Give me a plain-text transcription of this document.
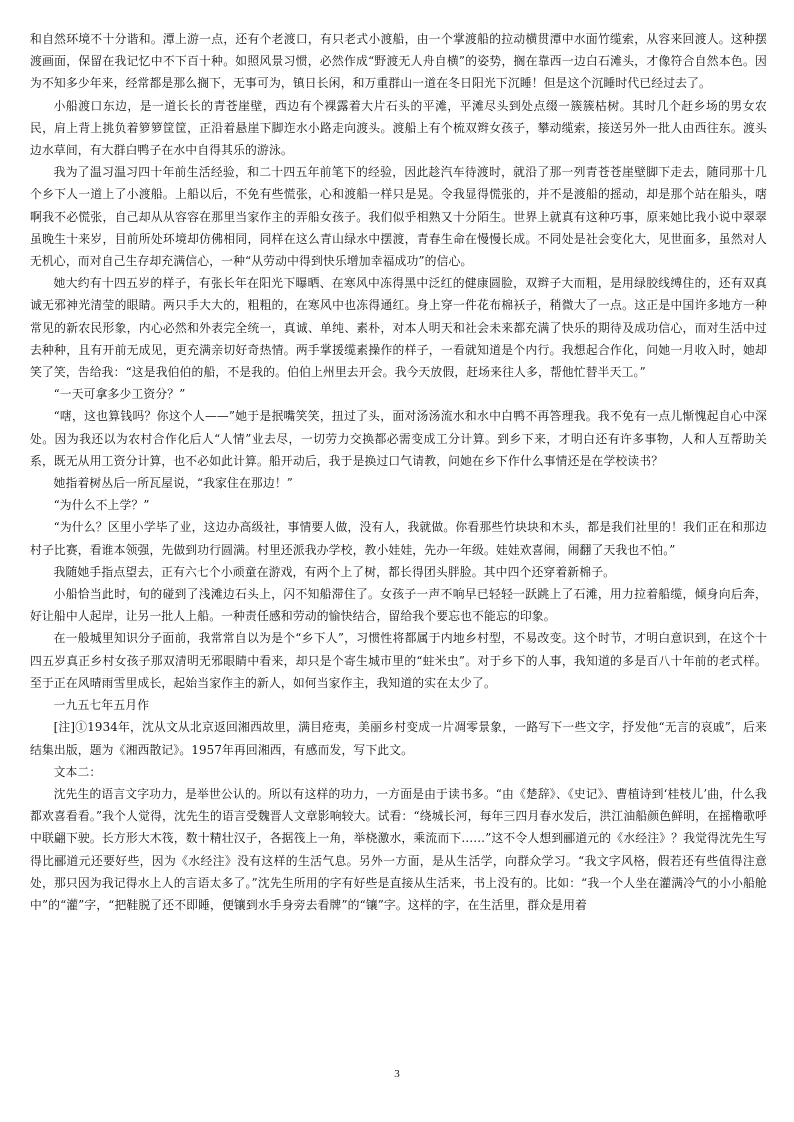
和自然环境不十分谐和。潭上游一点，还有个老渡口，有只老式小渡船，由一个掌渡船的拉动横贯潭中水面竹缆索，从容来回渡人。这种摆渡画面，保留在我记忆中不下百十种。如照风景习惯，必然作成“野渡无人舟自横”的姿势，搁在靠西一边白石滩头，才像符合自然本色。因为不知多少年来，经常都是那么搁下，无事可为，镇日长闲，和万重群山一道在冬日阳光下沉睡！但是这个沉睡时代已经过去了。

小船渡口东边，是一道长长的青苍崖壁，西边有个裸露着大片石头的平滩，平滩尽头到处点缀一簇簇枯树。其时几个赶乡场的男女农民，肩上背上挑负着箩箩筐筐，正沿着悬崖下脚迮水小路走向渡头。渡船上有个梳双辫女孩子，攀动缆索，接送另外一批人由西往东。渡头边水草间，有大群白鸭子在水中自得其乐的游泳。

我为了温习温习四十年前生活经验，和二十四五年前笔下的经验，因此趁汽车待渡时，就沿了那一列青苍苍崖壁脚下走去，随同那十几个乡下人一道上了小渡船。上船以后，不免有些慌张，心和渡船一样只是晃。令我显得慌张的，并不是渡船的摇动，却是那个站在船头，嗐啊我不必慌张，自己却从从容容在那里当家作主的弄船女孩子。我们似乎相熟又十分陌生。世界上就真有这种巧事，原来她比我小说中翠翠虽晚生十来岁，目前所处环境却仿佛相同，同样在这么青山绿水中摆渡，青春生命在慢慢长成。不同处是社会变化大，见世面多，虽然对人无机心，而对自己生存却充满信心，一种“从劳动中得到快乐增加幸福成功”的信心。

她大约有十四五岁的样子，有张长年在阳光下曝晒、在寒风中冻得黑中泛红的健康圆脸，双辫子大而粗，是用绿胶线缚住的，还有双真诚无邪神光清莹的眼睛。两只手大大的，粗粗的，在寒风中也冻得通红。身上穿一件花布棉袄子，稍微大了一点。这正是中国许多地方一种常见的新农民形象，内心必然和外表完全统一，真诚、单纯、素朴，对本人明天和社会未来都充满了快乐的期待及成功信心，而对生活中过去种种，且有开前无成见，更充满亲切好奇热情。两手掌援缆素操作的样子，一看就知道是个内行。我想起合作化，问她一月收入时，她却笑了笑，告给我：“这是我伯伯的船，不是我的。伯伯上州里去开会。我今天放假，赶场来往人多，帮他忙替半天工。”

“一天可拿多少工资分？”

“嗐，这也算钱吗？你这个人——”她于是抿嘴笑笑，扭过了头，面对汤汤流水和水中白鸭不再答理我。我不免有一点儿惭愧起自心中深处。因为我还以为农村合作化后人“人情”业去尽，一切劳力交换都必需变成工分计算。到乡下来，才明白还有许多事物，人和人互帮助关系，既无从用工资分计算，也不必如此计算。船开动后，我于是换过口气请教，问她在乡下作什么事情还是在学校读书？

她指着树丛后一所瓦屋说，“我家住在那边！”

“为什么不上学？”

“为什么？区里小学毕了业，这边办高级社，事情要人做，没有人，我就做。你看那些竹块块和木头，都是我们社里的！我们正在和那边村子比赛，看谁本领强，先做到功行圆满。村里还派我办学校，教小娃娃，先办一年级。娃娃欢喜闹，闹翻了天我也不怕。”

我随她手指点望去，正有六七个小顽童在游戏，有两个上了树，都长得团头胖脸。其中四个还穿着新棉子。

小船恰当此时，旬的碰到了浅滩边石头上，闪不知船滞住了。女孩子一声不响早已轻轻一跃跳上了石滩，用力拉着船缆，倾身向后奔，好让船中人起岸，让另一批人上船。一种责任感和劳动的愉快结合，留给我个要忘也不能忘的印象。

在一般城里知识分子面前，我常常自以为是个“乡下人”，习惯性将都属于内地乡村型，不易改变。这个时节，才明白意识到，在这个十四五岁真正乡村女孩子那双清明无邪眼睛中看来，却只是个寄生城市里的“蛀米虫”。对于乡下的人事，我知道的多是百八十年前的老式样。至于正在风晴雨雪里成长，起始当家作主的新人，如何当家作主，我知道的实在太少了。

一九五七年五月作

[注]①1934年，沈从文从北京返回湘西故里，满目疮夷，美丽乡村变成一片凋零景象，一路写下一些文字，抒发他“无言的哀戚”，后来结集出版，题为《湘西散记》。1957年再回湘西，有感而发，写下此文。

文本二：

沈先生的语言文字功力，是举世公认的。所以有这样的功力，一方面是由于读书多。“由《楚辞》、《史记》、曹植诗到‘桂枝儿’曲，什么我都欢喜看看。”我个人觉得，沈先生的语言受魏晋人文章影响较大。试看：“绕城长河，每年三四月春水发后，洪江油船颜色鲜明，在摇橹歌呼中联翩下驶。长方形大木筏，数十精壮汉子，各据筏上一角，举桡激水，乘流而下……”这不令人想到郦道元的《水经注》？我觉得沈先生写得比郦道元还要好些，因为《水经注》没有这样的生活气息。另外一方面，是从生活学，向群众学习。“我文字风格，假若还有些值得注意处，那只因为我记得水上人的言语太多了。”沈先生所用的字有好些是直接从生活来，书上没有的。比如：“我一个人坐在灌满冷气的小小船舱中”的“灌”字，“把鞋脱了还不即睡，便镶到水手身旁去看牌”的“镶”字。这样的字，在生活里，群众是用着

3
